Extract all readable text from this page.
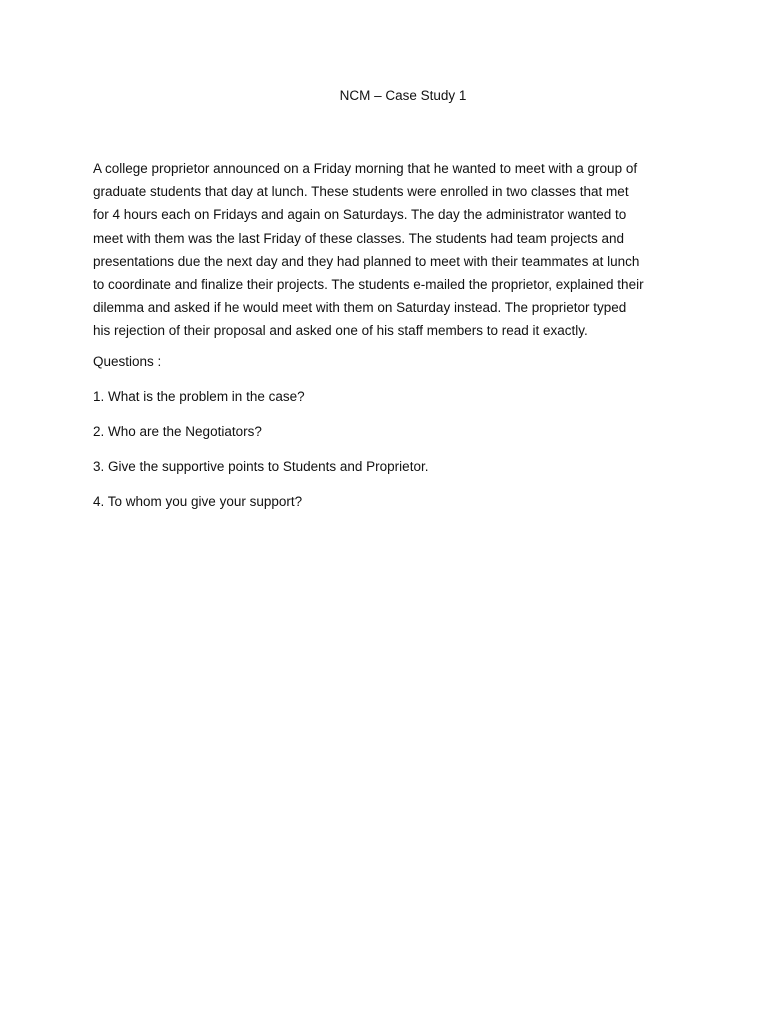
NCM – Case Study 1
A college proprietor announced on a Friday morning that he wanted to meet with a group of
graduate students that day at lunch. These students were enrolled in two classes that met
for 4 hours each on Fridays and again on Saturdays. The day the administrator wanted to
meet with them was the last Friday of these classes. The students had team projects and
presentations due the next day and they had planned to meet with their teammates at lunch
to coordinate and finalize their projects. The students e-mailed the proprietor, explained their
dilemma and asked if he would meet with them on Saturday instead. The proprietor typed
his rejection of their proposal and asked one of his staff members to read it exactly.
Questions :
1. What is the problem in the case?
2. Who are the Negotiators?
3. Give the supportive points to Students and Proprietor.
4. To whom you give your support?
